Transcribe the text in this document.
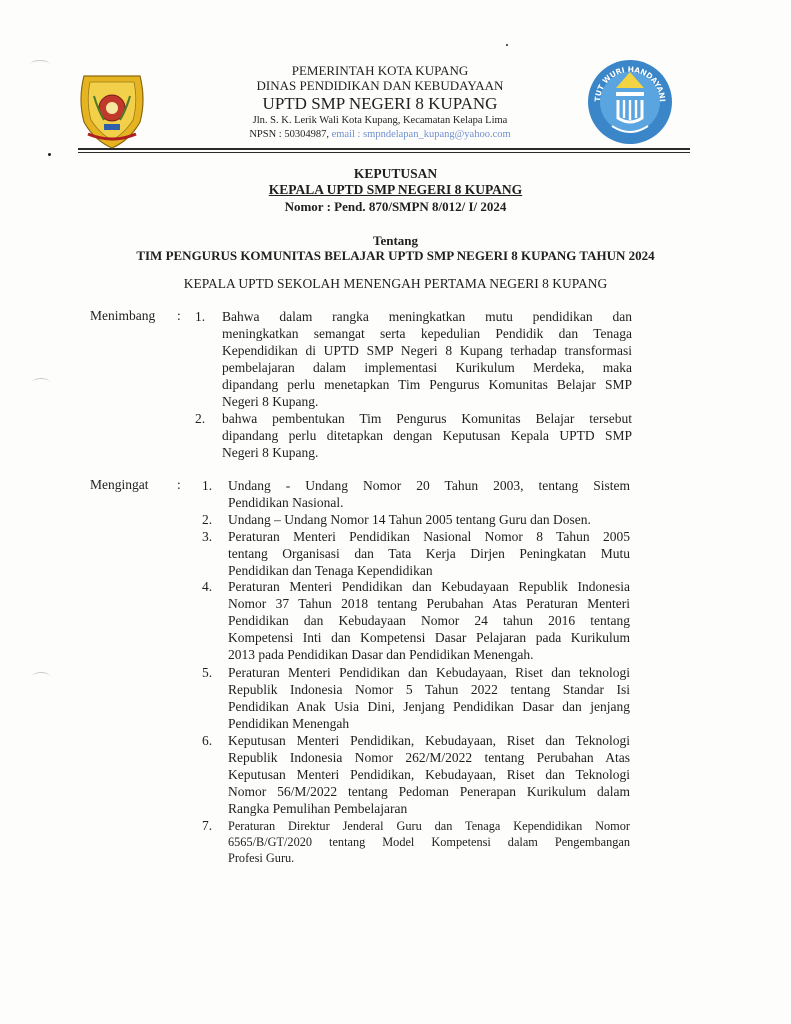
PEMERINTAH KOTA KUPANG

DINAS PENDIDIKAN DAN KEBUDAYAAN

UPTD SMP NEGERI 8 KUPANG

Jln. S. K. Lerik Wali Kota Kupang, Kecamatan Kelapa Lima

NPSN : 50304987, email : smpndelapan_kupang@yahoo.com

TUT WURI HANDAYANI
KEPUTUSAN
KEPALA UPTD SMP NEGERI 8 KUPANG
Nomor : Pend. 870/SMPN 8/012/ I/ 2024
Tentang
TIM PENGURUS KOMUNITAS BELAJAR UPTD SMP NEGERI 8 KUPANG TAHUN 2024
KEPALA UPTD SEKOLAH MENENGAH PERTAMA NEGERI 8 KUPANG
Menimbang : 1. Bahwa dalam rangka meningkatkan mutu pendidikan dan
meningkatkan semangat serta kepedulian Pendidik dan Tenaga
Kependidikan di UPTD SMP Negeri 8 Kupang terhadap transformasi
pembelajaran dalam implementasi Kurikulum Merdeka, maka
dipandang perlu menetapkan Tim Pengurus Komunitas Belajar SMP
Negeri 8 Kupang.
2. bahwa pembentukan Tim Pengurus Komunitas Belajar tersebut
dipandang perlu ditetapkan dengan Keputusan Kepala UPTD SMP
Negeri 8 Kupang.
Mengingat : 1. Undang - Undang Nomor 20 Tahun 2003, tentang Sistem
Pendidikan Nasional.
2. Undang – Undang Nomor 14 Tahun 2005 tentang Guru dan Dosen.
3. Peraturan Menteri Pendidikan Nasional Nomor 8 Tahun 2005
tentang Organisasi dan Tata Kerja Dirjen Peningkatan Mutu
Pendidikan dan Tenaga Kependidikan
4. Peraturan Menteri Pendidikan dan Kebudayaan Republik Indonesia
Nomor 37 Tahun 2018 tentang Perubahan Atas Peraturan Menteri
Pendidikan dan Kebudayaan Nomor 24 tahun 2016 tentang
Kompetensi Inti dan Kompetensi Dasar Pelajaran pada Kurikulum
2013 pada Pendidikan Dasar dan Pendidikan Menengah.
5. Peraturan Menteri Pendidikan dan Kebudayaan, Riset dan teknologi
Republik Indonesia Nomor 5 Tahun 2022 tentang Standar Isi
Pendidikan Anak Usia Dini, Jenjang Pendidikan Dasar dan jenjang
Pendidikan Menengah
6. Keputusan Menteri Pendidikan, Kebudayaan, Riset dan Teknologi
Republik Indonesia Nomor 262/M/2022 tentang Perubahan Atas
Keputusan Menteri Pendidikan, Kebudayaan, Riset dan Teknologi
Nomor 56/M/2022 tentang Pedoman Penerapan Kurikulum dalam
Rangka Pemulihan Pembelajaran
7. Peraturan Direktur Jenderal Guru dan Tenaga Kependidikan Nomor
6565/B/GT/2020 tentang Model Kompetensi dalam Pengembangan
Profesi Guru.
